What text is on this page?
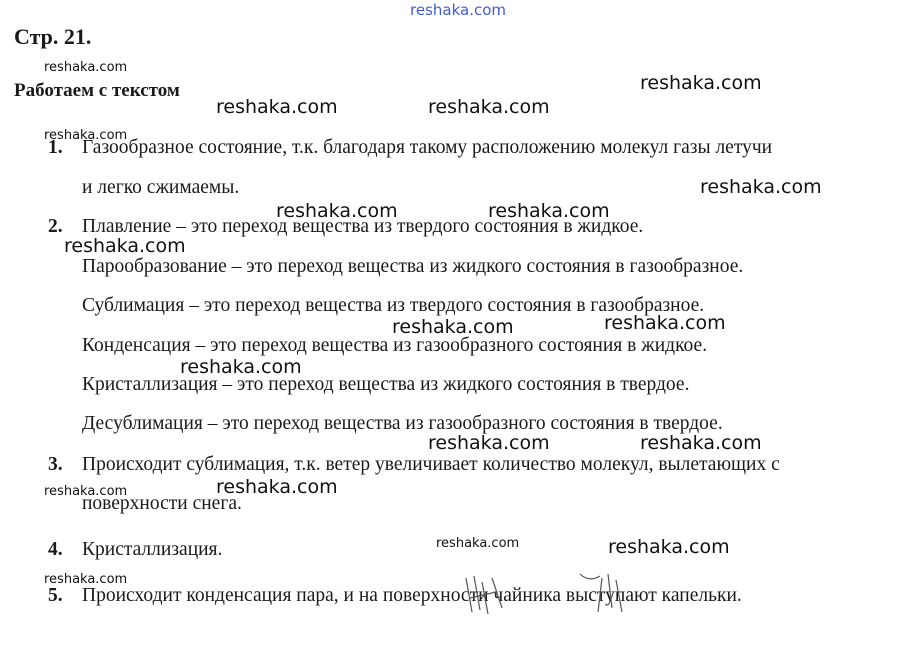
reshaka.com
Стр. 21.
Работаем с текстом
1. Газообразное состояние, т.к. благодаря такому расположению молекул газы летучи
и легко сжимаемы.
2. Плавление – это переход вещества из твердого состояния в жидкое.
Парообразование – это переход вещества из жидкого состояния в газообразное.
Сублимация – это переход вещества из твердого состояния в газообразное.
Конденсация – это переход вещества из газообразного состояния в жидкое.
Кристаллизация – это переход вещества из жидкого состояния в твердое.
Десублимация – это переход вещества из газообразного состояния в твердое.
3. Происходит сублимация, т.к. ветер увеличивает количество молекул, вылетающих с
поверхности снега.
4. Кристаллизация.
5. Происходит конденсация пара, и на поверхности чайника выступают капельки.
reshaka.com
reshaka.com
reshaka.com	reshaka.com
reshaka.com
reshaka.com
reshaka.com	reshaka.com
reshaka.com
reshaka.com
reshaka.com
reshaka.com
reshaka.com	reshaka.com
reshaka.com
reshaka.com
reshaka.com	reshaka.com
reshaka.com
